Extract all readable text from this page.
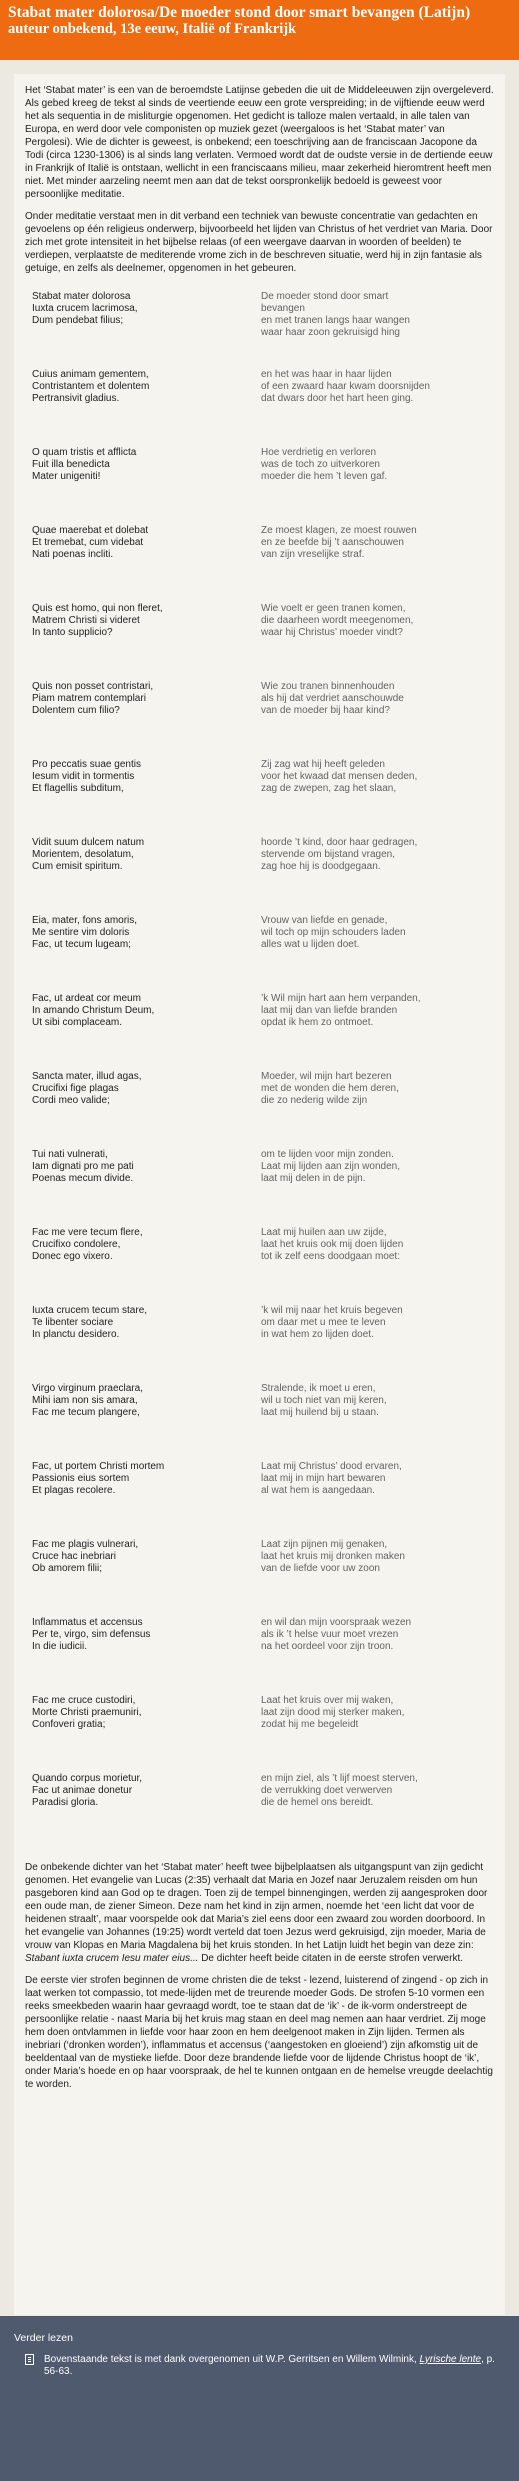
Stabat mater dolorosa/De moeder stond door smart bevangen (Latijn)
auteur onbekend, 13e eeuw, Italië of Frankrijk

Het ‘Stabat mater’ is een van de beroemdste Latijnse gebeden die uit de Middeleeuwen zijn overgeleverd. Als gebed kreeg de tekst al sinds de veertiende eeuw een grote verspreiding; in de vijftiende eeuw werd het als sequentia in de misliturgie opgenomen. Het gedicht is talloze malen vertaald, in alle talen van Europa, en werd door vele componisten op muziek gezet (weergaloos is het ‘Stabat mater’ van Pergolesi). Wie de dichter is geweest, is onbekend; een toeschrijving aan de franciscaan Jacopone da Todi (circa 1230-1306) is al sinds lang verlaten. Vermoed wordt dat de oudste versie in de dertiende eeuw in Frankrijk of Italië is ontstaan, wellicht in een franciscaans milieu, maar zekerheid hieromtrent heeft men niet. Met minder aarzeling neemt men aan dat de tekst oorspronkelijk bedoeld is geweest voor persoonlijke meditatie.

Onder meditatie verstaat men in dit verband een techniek van bewuste concentratie van gedachten en gevoelens op één religieus onderwerp, bijvoorbeeld het lijden van Christus of het verdriet van Maria. Door zich met grote intensiteit in het bijbelse relaas (of een weergave daarvan in woorden of beelden) te verdiepen, verplaatste de mediterende vrome zich in de beschreven situatie, werd hij in zijn fantasie als getuige, en zelfs als deelnemer, opgenomen in het gebeuren.

Stabat mater dolorosa
Iuxta crucem lacrimosa,
Dum pendebat filius;
De moeder stond door smart
bevangen
en met tranen langs haar wangen
waar haar zoon gekruisigd hing
Cuius animam gementem,
Contristantem et dolentem
Pertransivit gladius.
en het was haar in haar lijden
of een zwaard haar kwam doorsnijden
dat dwars door het hart heen ging.
O quam tristis et afflicta
Fuit illa benedicta
Mater unigeniti!
Hoe verdrietig en verloren
was de toch zo uitverkoren
moeder die hem ’t leven gaf.
Quae maerebat et dolebat
Et tremebat, cum videbat
Nati poenas incliti.
Ze moest klagen, ze moest rouwen
en ze beefde bij ’t aanschouwen
van zijn vreselijke straf.
Quis est homo, qui non fleret,
Matrem Christi si videret
In tanto supplicio?
Wie voelt er geen tranen komen,
die daarheen wordt meegenomen,
waar hij Christus’ moeder vindt?
Quis non posset contristari,
Piam matrem contemplari
Dolentem cum filio?
Wie zou tranen binnenhouden
als hij dat verdriet aanschouwde
van de moeder bij haar kind?
Pro peccatis suae gentis
Iesum vidit in tormentis
Et flagellis subditum,
Zij zag wat hij heeft geleden
voor het kwaad dat mensen deden,
zag de zwepen, zag het slaan,
Vidit suum dulcem natum
Morientem, desolatum,
Cum emisit spiritum.
hoorde ’t kind, door haar gedragen,
stervende om bijstand vragen,
zag hoe hij is doodgegaan.
Eia, mater, fons amoris,
Me sentire vim doloris
Fac, ut tecum lugeam;
Vrouw van liefde en genade,
wil toch op mijn schouders laden
alles wat u lijden doet.
Fac, ut ardeat cor meum
In amando Christum Deum,
Ut sibi complaceam.
’k Wil mijn hart aan hem verpanden,
laat mij dan van liefde branden
opdat ik hem zo ontmoet.
Sancta mater, illud agas,
Crucifixi fige plagas
Cordi meo valide;
Moeder, wil mijn hart bezeren
met de wonden die hem deren,
die zo nederig wilde zijn
Tui nati vulnerati,
Iam dignati pro me pati
Poenas mecum divide.
om te lijden voor mijn zonden.
Laat mij lijden aan zijn wonden,
laat mij delen in de pijn.
Fac me vere tecum flere,
Crucifixo condolere,
Donec ego vixero.
Laat mij huilen aan uw zijde,
laat het kruis ook mij doen lijden
tot ik zelf eens doodgaan moet:
Iuxta crucem tecum stare,
Te libenter sociare
In planctu desidero.
’k wil mij naar het kruis begeven
om daar met u mee te leven
in wat hem zo lijden doet.
Virgo virginum praeclara,
Mihi iam non sis amara,
Fac me tecum plangere,
Stralende, ik moet u eren,
wil u toch niet van mij keren,
laat mij huilend bij u staan.
Fac, ut portem Christi mortem
Passionis eius sortem
Et plagas recolere.
Laat mij Christus’ dood ervaren,
laat mij in mijn hart bewaren
al wat hem is aangedaan.
Fac me plagis vulnerari,
Cruce hac inebriari
Ob amorem filii;
Laat zijn pijnen mij genaken,
laat het kruis mij dronken maken
van de liefde voor uw zoon
Inflammatus et accensus
Per te, virgo, sim defensus
In die iudicii.
en wil dan mijn voorspraak wezen
als ik ’t helse vuur moet vrezen
na het oordeel voor zijn troon.
Fac me cruce custodiri,
Morte Christi praemuniri,
Confoveri gratia;
Laat het kruis over mij waken,
laat zijn dood mij sterker maken,
zodat hij me begeleidt
Quando corpus morietur,
Fac ut animae donetur
Paradisi gloria.
en mijn ziel, als ’t lijf moest sterven,
de verrukking doet verwerven
die de hemel ons bereidt.

De onbekende dichter van het ‘Stabat mater’ heeft twee bijbelplaatsen als uitgangspunt van zijn gedicht genomen. Het evangelie van Lucas (2:35) verhaalt dat Maria en Jozef naar Jeruzalem reisden om hun pasgeboren kind aan God op te dragen. Toen zij de tempel binnengingen, werden zij aangesproken door een oude man, de ziener Simeon. Deze nam het kind in zijn armen, noemde het ‘een licht dat voor de heidenen straalt’, maar voorspelde ook dat Maria’s ziel eens door een zwaard zou worden doorboord. In het evangelie van Johannes (19:25) wordt verteld dat toen Jezus werd gekruisigd, zijn moeder, Maria de vrouw van Klopas en Maria Magdalena bij het kruis stonden. In het Latijn luidt het begin van deze zin: Stabant iuxta crucem Iesu mater eius... De dichter heeft beide citaten in de eerste strofen verwerkt.

De eerste vier strofen beginnen de vrome christen die de tekst - lezend, luisterend of zingend - op zich in laat werken tot compassio, tot mede-lijden met de treurende moeder Gods. De strofen 5-10 vormen een reeks smeekbeden waarin haar gevraagd wordt, toe te staan dat de ‘ik’ - de ik-vorm onderstreept de persoonlijke relatie - naast Maria bij het kruis mag staan en deel mag nemen aan haar verdriet. Zij moge hem doen ontvlammen in liefde voor haar zoon en hem deelgenoot maken in Zijn lijden. Termen als inebriari (‘dronken worden’), inflammatus et accensus (‘aangestoken en gloeiend’) zijn afkomstig uit de beeldentaal van de mystieke liefde. Door deze brandende liefde voor de lijdende Christus hoopt de ‘ik’, onder Maria’s hoede en op haar voorspraak, de hel te kunnen ontgaan en de hemelse vreugde deelachtig te worden.

Verder lezen
Bovenstaande tekst is met dank overgenomen uit W.P. Gerritsen en Willem Wilmink, Lyrische lente, p. 56-63.
